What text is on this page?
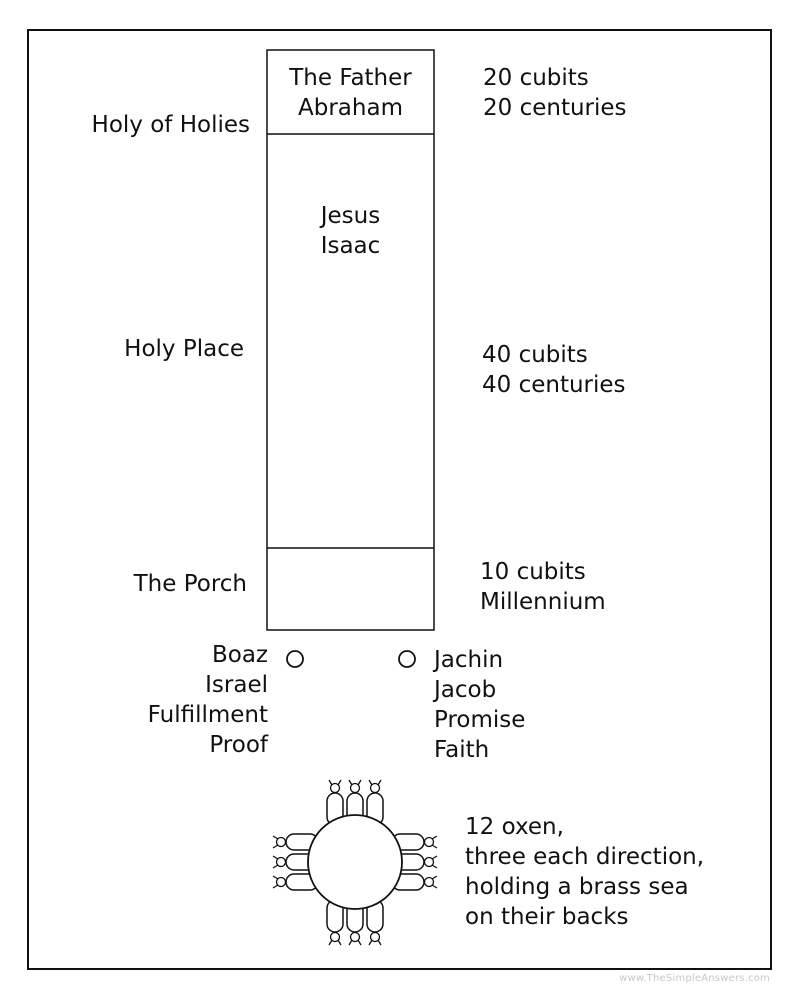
Holy of Holies
Holy Place
The Porch
The Father
Abraham
Jesus
Isaac
20 cubits
20 centuries
40 cubits
40 centuries
10 cubits
Millennium
Boaz
Israel
Fulfillment
Proof
Jachin
Jacob
Promise
Faith
12 oxen,
three each direction,
holding a brass sea
on their backs
www.TheSimpleAnswers.com
